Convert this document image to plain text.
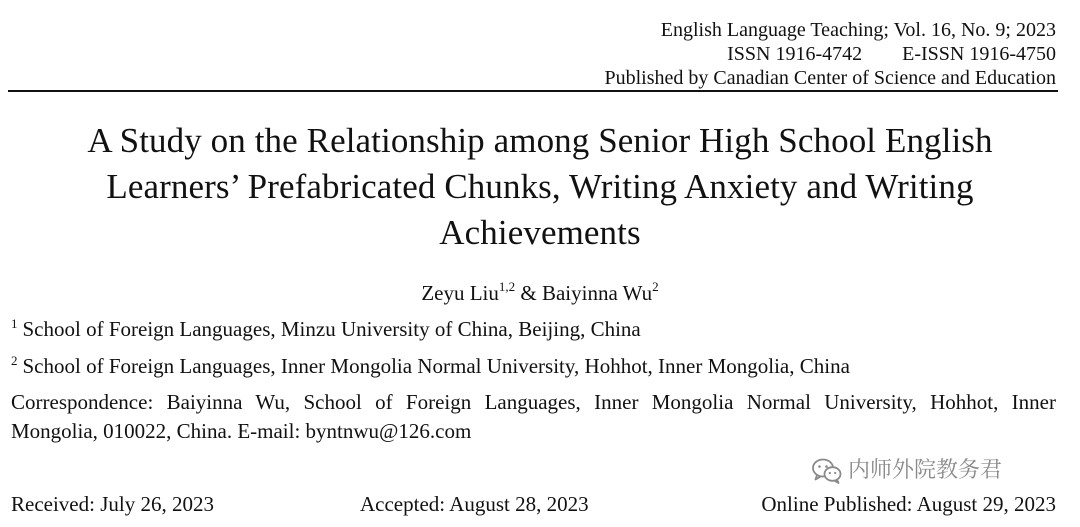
English Language Teaching; Vol. 16, No. 9; 2023
ISSN 1916-4742 E-ISSN 1916-4750
Published by Canadian Center of Science and Education
A Study on the Relationship among Senior High School English
Learners’ Prefabricated Chunks, Writing Anxiety and Writing
Achievements
Zeyu Liu$^{1,2}$ & Baiyinna Wu$^2$
$^1$ School of Foreign Languages, Minzu University of China, Beijing, China
$^2$ School of Foreign Languages, Inner Mongolia Normal University, Hohhot, Inner Mongolia, China
Correspondence: Baiyinna Wu, School of Foreign Languages, Inner Mongolia Normal University, Hohhot, Inner
Mongolia, 010022, China. E-mail: byntnwu@126.com
内师外院教务君
Received: July 26, 2023	Accepted: August 28, 2023	Online Published: August 29, 2023
